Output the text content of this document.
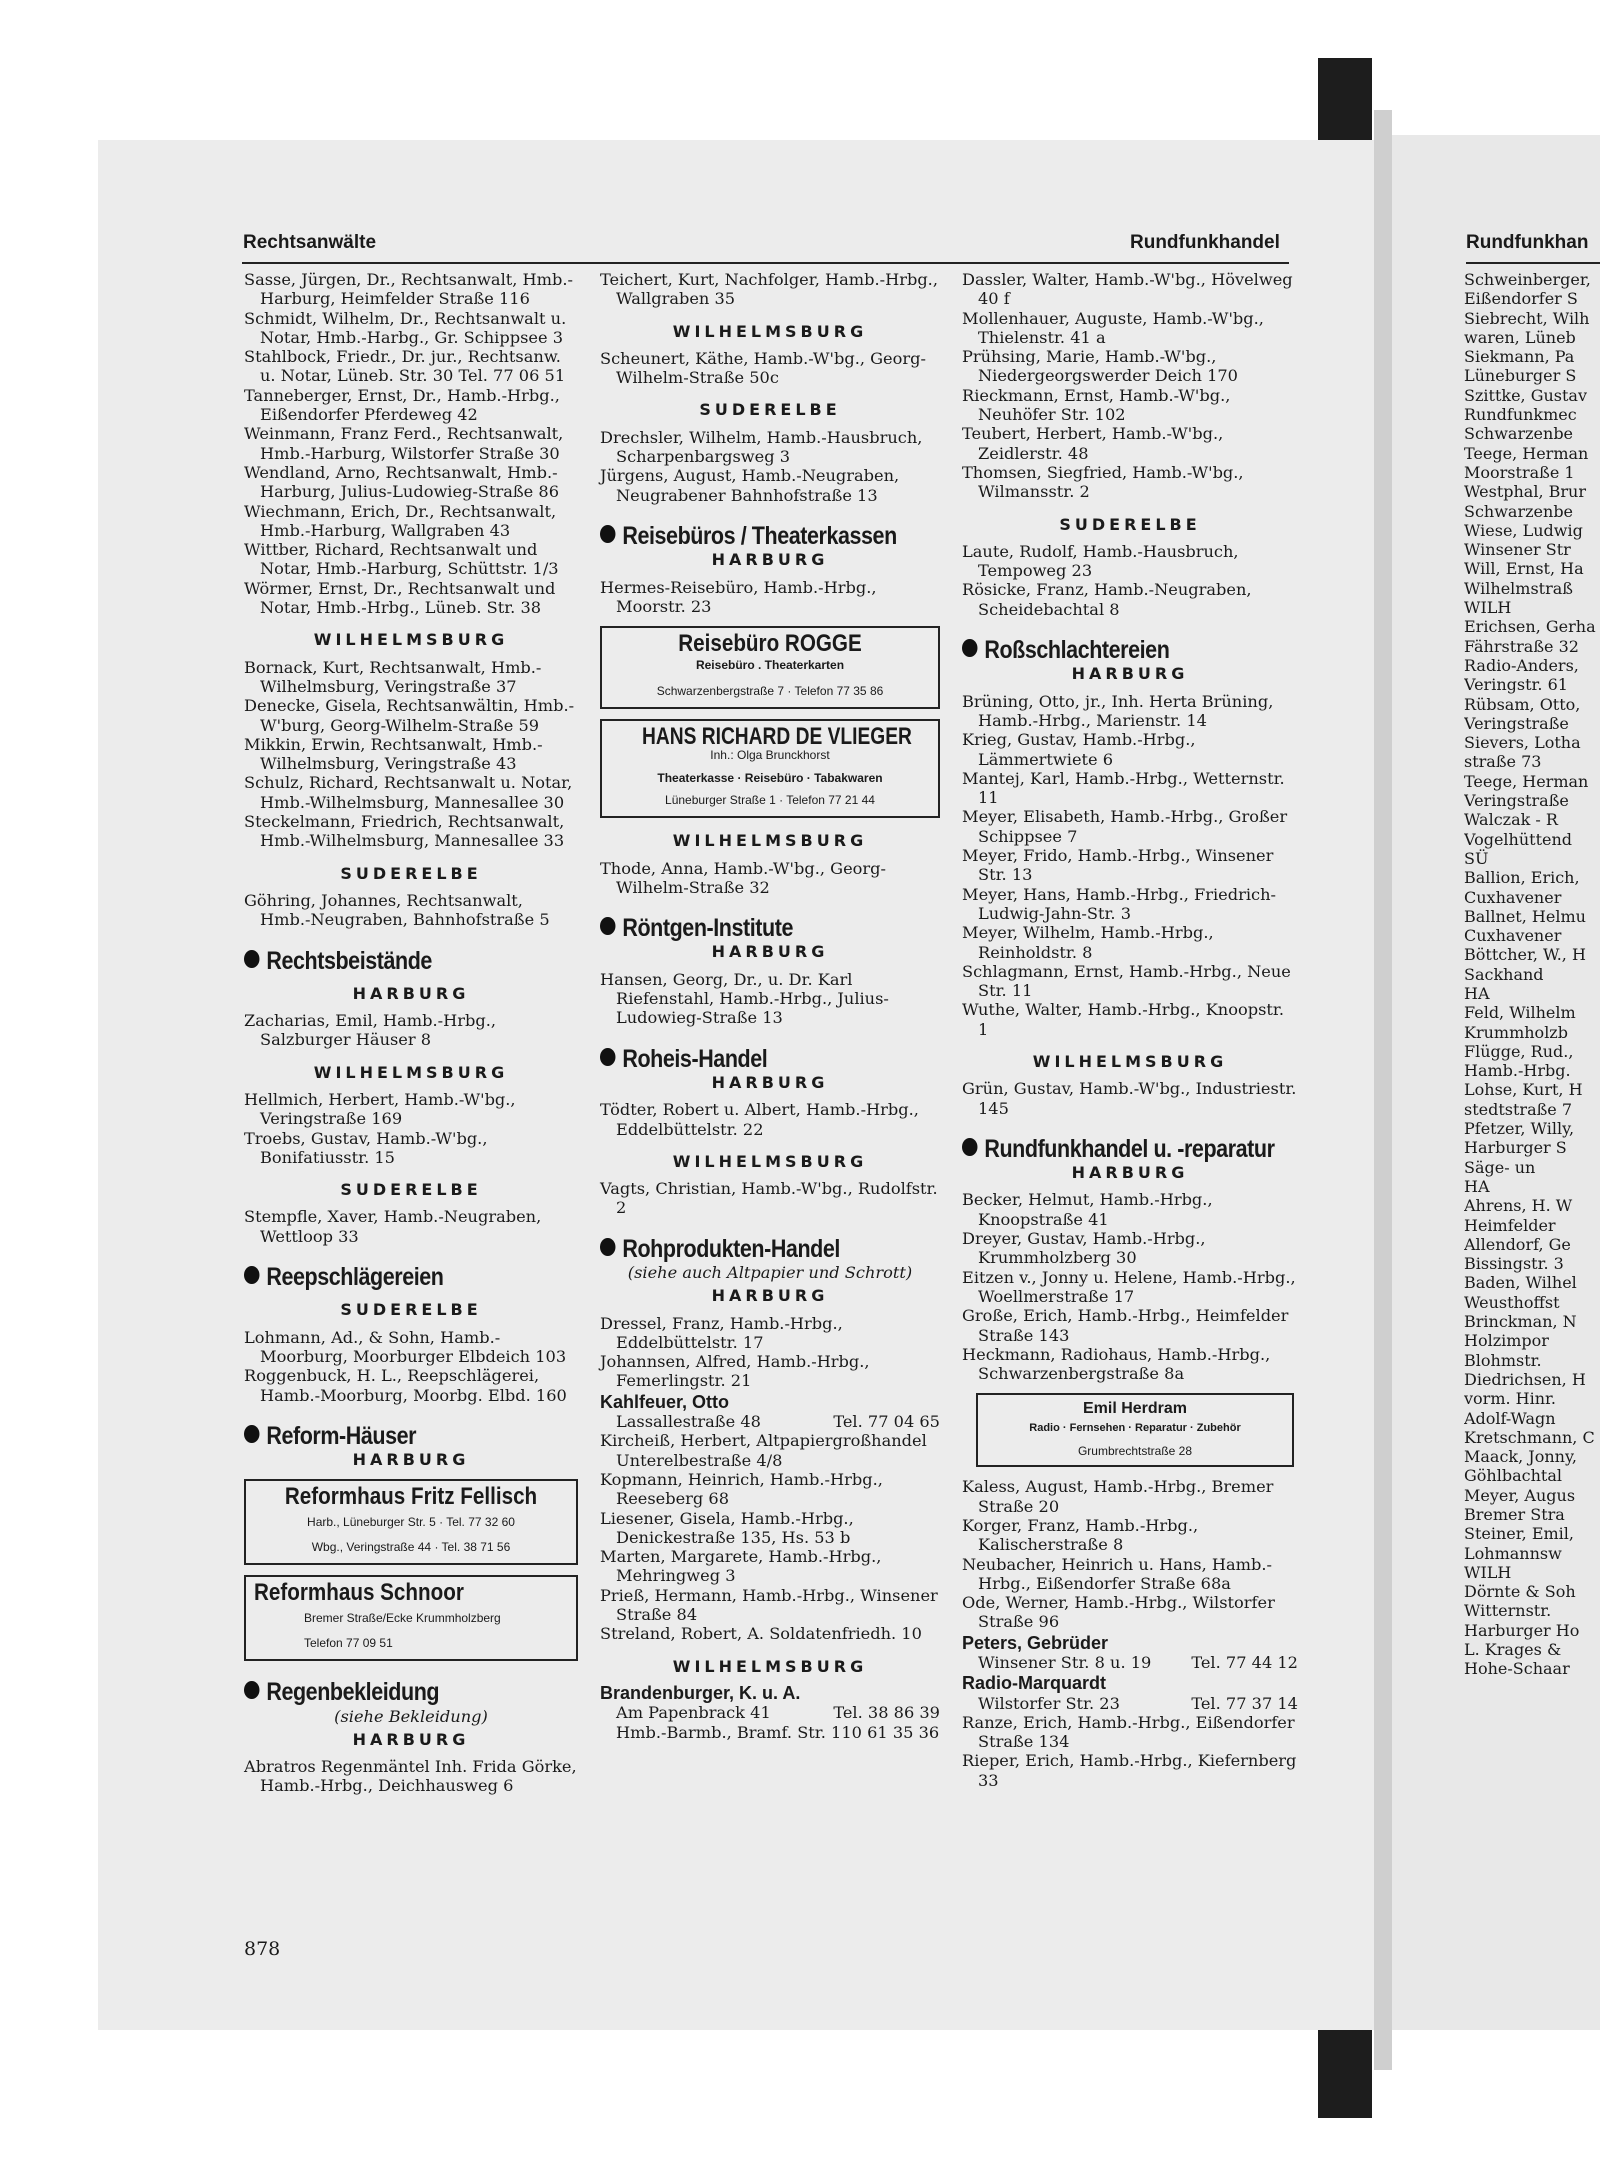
Rechtsanwälte	Rundfunkhandel	Rundfunkhan
Sasse, Jürgen, Dr., Rechtsanwalt, Hmb.-Harburg, Heimfelder Straße 116
Schmidt, Wilhelm, Dr., Rechtsanwalt u. Notar, Hmb.-Harbg., Gr. Schippsee 3
Stahlbock, Friedr., Dr. jur., Rechtsanw. u. Notar, Lüneb. Str. 30 Tel. 77 06 51
Tanneberger, Ernst, Dr., Hamb.-Hrbg., Eißendorfer Pferdeweg 42
Weinmann, Franz Ferd., Rechtsanwalt, Hmb.-Harburg, Wilstorfer Straße 30
Wendland, Arno, Rechtsanwalt, Hmb.-Harburg, Julius-Ludowieg-Straße 86
Wiechmann, Erich, Dr., Rechtsanwalt, Hmb.-Harburg, Wallgraben 43
Wittber, Richard, Rechtsanwalt und Notar, Hmb.-Harburg, Schüttstr. 1/3
Wörmer, Ernst, Dr., Rechtsanwalt und Notar, Hmb.-Hrbg., Lüneb. Str. 38
WILHELMSBURG
Bornack, Kurt, Rechtsanwalt, Hmb.-Wilhelmsburg, Veringstraße 37
Denecke, Gisela, Rechtsanwältin, Hmb.-W'burg, Georg-Wilhelm-Straße 59
Mikkin, Erwin, Rechtsanwalt, Hmb.-Wilhelmsburg, Veringstraße 43
Schulz, Richard, Rechtsanwalt u. Notar, Hmb.-Wilhelmsburg, Mannesallee 30
Steckelmann, Friedrich, Rechtsanwalt, Hmb.-Wilhelmsburg, Mannesallee 33
SUDERELBE
Göhring, Johannes, Rechtsanwalt, Hmb.-Neugraben, Bahnhofstraße 5
Rechtsbeistände
HARBURG
Zacharias, Emil, Hamb.-Hrbg., Salzburger Häuser 8
WILHELMSBURG
Hellmich, Herbert, Hamb.-W'bg., Veringstraße 169
Troebs, Gustav, Hamb.-W'bg., Bonifatiusstr. 15
SUDERELBE
Stempfle, Xaver, Hamb.-Neugraben, Wettloop 33
Reepschlägereien
SUDERELBE
Lohmann, Ad., & Sohn, Hamb.-Moorburg, Moorburger Elbdeich 103
Roggenbuck, H. L., Reepschlägerei, Hamb.-Moorburg, Moorbg. Elbd. 160
Reform-Häuser
HARBURG
Reformhaus Fritz Fellisch
Harb., Lüneburger Str. 5 · Tel. 77 32 60
Wbg., Veringstraße 44 · Tel. 38 71 56
Reformhaus Schnoor
Bremer Straße/Ecke Krummholzberg
Telefon 77 09 51
Regenbekleidung
(siehe Bekleidung)
HARBURG
Abratros Regenmäntel Inh. Frida Görke, Hamb.-Hrbg., Deichhausweg 6
878
Teichert, Kurt, Nachfolger, Hamb.-Hrbg., Wallgraben 35
WILHELMSBURG
Scheunert, Käthe, Hamb.-W'bg., Georg-Wilhelm-Straße 50c
SUDERELBE
Drechsler, Wilhelm, Hamb.-Hausbruch, Scharpenbargsweg 3
Jürgens, August, Hamb.-Neugraben, Neugrabener Bahnhofstraße 13
Reisebüros / Theaterkassen
HARBURG
Hermes-Reisebüro, Hamb.-Hrbg., Moorstr. 23
Reisebüro ROGGE
Reisebüro . Theaterkarten
Schwarzenbergstraße 7 · Telefon 77 35 86
HANS RICHARD DE VLIEGER
Inh.: Olga Brunckhorst
Theaterkasse · Reisebüro · Tabakwaren
Lüneburger Straße 1 · Telefon 77 21 44
WILHELMSBURG
Thode, Anna, Hamb.-W'bg., Georg-Wilhelm-Straße 32
Röntgen-Institute
HARBURG
Hansen, Georg, Dr., u. Dr. Karl Riefenstahl, Hamb.-Hrbg., Julius-Ludowieg-Straße 13
Roheis-Handel
HARBURG
Tödter, Robert u. Albert, Hamb.-Hrbg., Eddelbüttelstr. 22
WILHELMSBURG
Vagts, Christian, Hamb.-W'bg., Rudolfstr. 2
Rohprodukten-Handel
(siehe auch Altpapier und Schrott)
HARBURG
Dressel, Franz, Hamb.-Hrbg., Eddelbüttelstr. 17
Johannsen, Alfred, Hamb.-Hrbg., Femerlingstr. 21
Kahlfeuer, Otto
Lassallestraße 48	Tel. 77 04 65
Kircheiß, Herbert, Altpapiergroßhandel Unterelbestraße 4/8
Kopmann, Heinrich, Hamb.-Hrbg., Reeseberg 68
Liesener, Gisela, Hamb.-Hrbg., Denickestraße 135, Hs. 53 b
Marten, Margarete, Hamb.-Hrbg., Mehringweg 3
Prieß, Hermann, Hamb.-Hrbg., Winsener Straße 84
Streland, Robert, A. Soldatenfriedh. 10
WILHELMSBURG
Brandenburger, K. u. A.
Am Papenbrack 41	Tel. 38 86 39
Hmb.-Barmb., Bramf. Str. 110 61 35 36
Dassler, Walter, Hamb.-W'bg., Hövelweg 40 f
Mollenhauer, Auguste, Hamb.-W'bg., Thielenstr. 41 a
Prühsing, Marie, Hamb.-W'bg., Niedergeorgswerder Deich 170
Rieckmann, Ernst, Hamb.-W'bg., Neuhöfer Str. 102
Teubert, Herbert, Hamb.-W'bg., Zeidlerstr. 48
Thomsen, Siegfried, Hamb.-W'bg., Wilmansstr. 2
SUDERELBE
Laute, Rudolf, Hamb.-Hausbruch, Tempoweg 23
Rösicke, Franz, Hamb.-Neugraben, Scheidebachtal 8
Roßschlachtereien
HARBURG
Brüning, Otto, jr., Inh. Herta Brüning, Hamb.-Hrbg., Marienstr. 14
Krieg, Gustav, Hamb.-Hrbg., Lämmertwiete 6
Mantej, Karl, Hamb.-Hrbg., Wetternstr. 11
Meyer, Elisabeth, Hamb.-Hrbg., Großer Schippsee 7
Meyer, Frido, Hamb.-Hrbg., Winsener Str. 13
Meyer, Hans, Hamb.-Hrbg., Friedrich-Ludwig-Jahn-Str. 3
Meyer, Wilhelm, Hamb.-Hrbg., Reinholdstr. 8
Schlagmann, Ernst, Hamb.-Hrbg., Neue Str. 11
Wuthe, Walter, Hamb.-Hrbg., Knoopstr. 1
WILHELMSBURG
Grün, Gustav, Hamb.-W'bg., Industriestr. 145
Rundfunkhandel u. -reparatur
HARBURG
Becker, Helmut, Hamb.-Hrbg., Knoopstraße 41
Dreyer, Gustav, Hamb.-Hrbg., Krummholzberg 30
Eitzen v., Jonny u. Helene, Hamb.-Hrbg., Woellmerstraße 17
Große, Erich, Hamb.-Hrbg., Heimfelder Straße 143
Heckmann, Radiohaus, Hamb.-Hrbg., Schwarzenbergstraße 8a
Emil Herdram
Radio · Fernsehen · Reparatur · Zubehör
Grumbrechtstraße 28
Kaless, August, Hamb.-Hrbg., Bremer Straße 20
Korger, Franz, Hamb.-Hrbg., Kalischerstraße 8
Neubacher, Heinrich u. Hans, Hamb.-Hrbg., Eißendorfer Straße 68a
Ode, Werner, Hamb.-Hrbg., Wilstorfer Straße 96
Peters, Gebrüder
Winsener Str. 8 u. 19 Tel. 77 44 12
Radio-Marquardt
Wilstorfer Str. 23	Tel. 77 37 14
Ranze, Erich, Hamb.-Hrbg., Eißendorfer Straße 134
Rieper, Erich, Hamb.-Hrbg., Kiefernberg 33
Schweinberger,
Eißendorfer S
Siebrecht, Wilh
waren, Lüneb
Siekmann, Pa
Lüneburger S
Szittke, Gustav
Rundfunkmec
Schwarzenbe
Teege, Herman
Moorstraße 1
Westphal, Brur
Schwarzenbe
Wiese, Ludwig
Winsener Str
Will, Ernst, Ha
Wilhelmstraß
WILH
Erichsen, Gerha
Fährstraße 32
Radio-Anders,
Veringstr. 61
Rübsam, Otto,
Veringstraße
Sievers, Lotha
straße 73
Teege, Herman
Veringstraße
Walczak - R
Vogelhüttend
SÜ
Ballion, Erich,
Cuxhavener
Ballnet, Helmu
Cuxhavener
Böttcher, W., H
Sackhand
HA
Feld, Wilhelm
Krummholzb
Flügge, Rud.,
Hamb.-Hrbg.
Lohse, Kurt, H
stedtstraße 7
Pfetzer, Willy,
Harburger S
Säge- un
HA
Ahrens, H. W
Heimfelder
Allendorf, Ge
Bissingstr. 3
Baden, Wilhel
Weusthoffst
Brinckman, N
Holzimpor
Blohmstr.
Diedrichsen, H
vorm. Hinr.
Adolf-Wagn
Kretschmann, C
Maack, Jonny,
Göhlbachtal
Meyer, Augus
Bremer Stra
Steiner, Emil,
Lohmannsw
WILH
Dörnte & Soh
Witternstr.
Harburger Ho
L. Krages &
Hohe-Schaar
